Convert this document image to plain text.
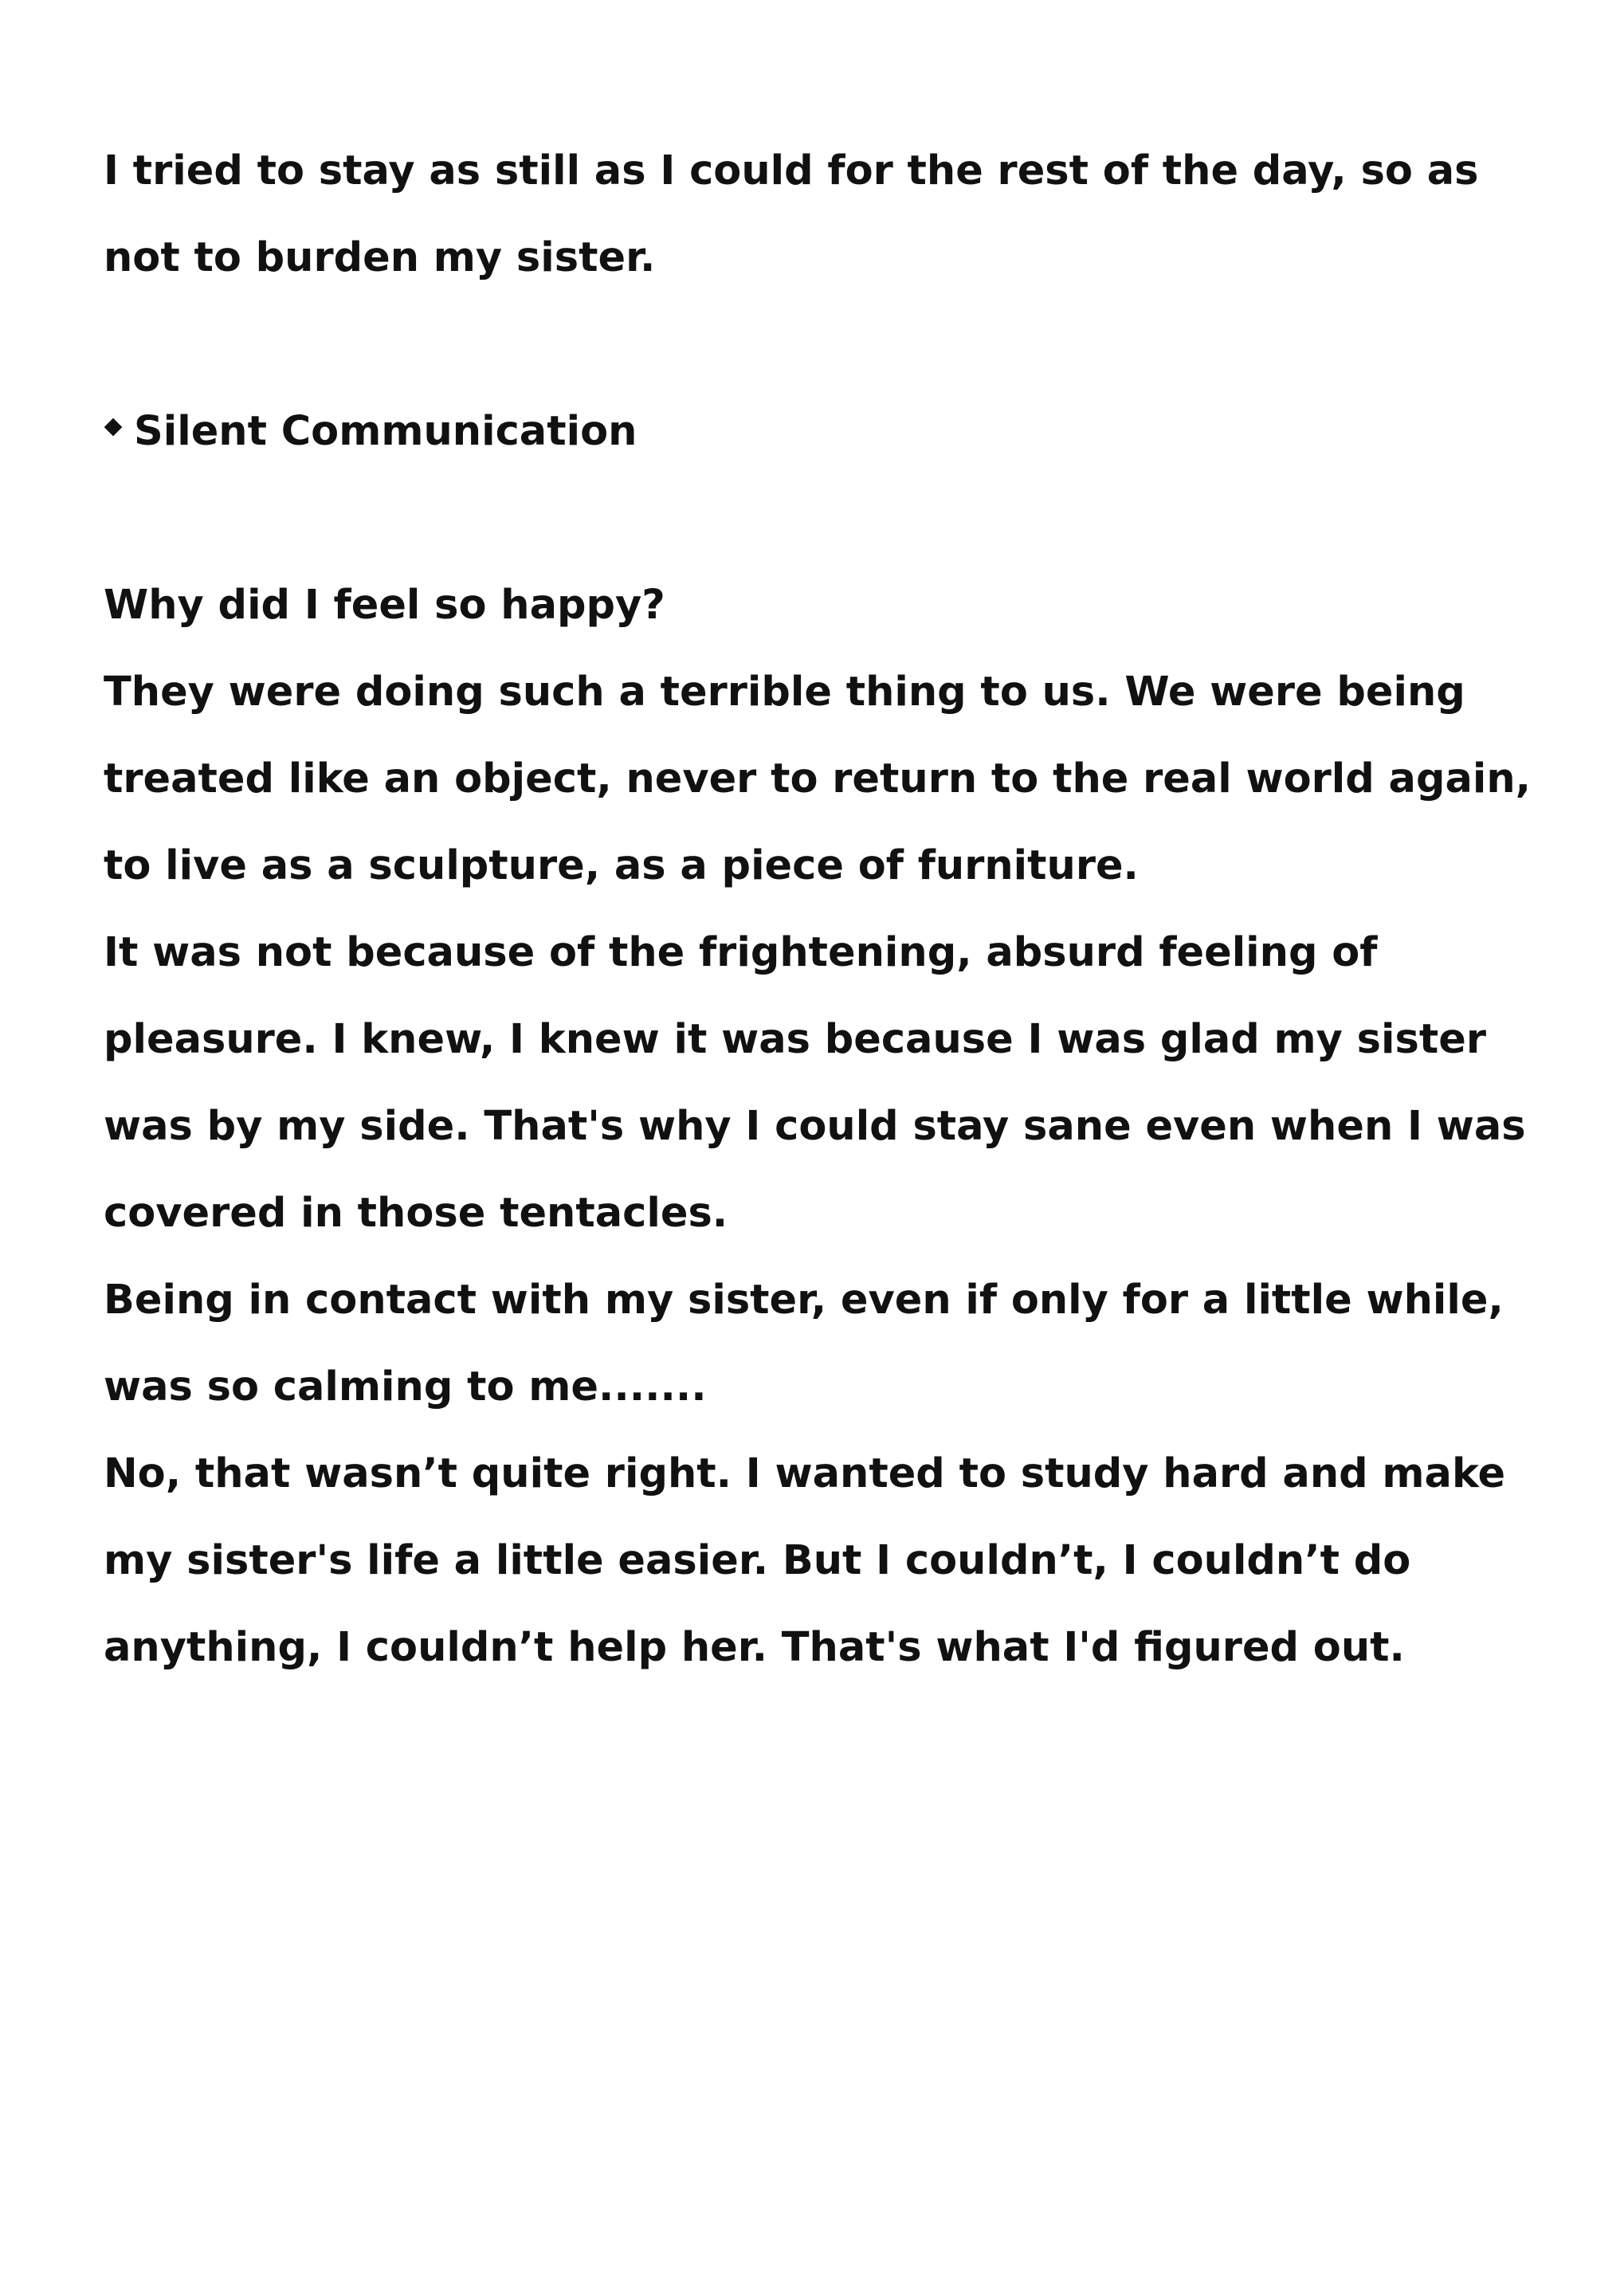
I tried to stay as still as I could for the rest of the day, so as not to burden my sister.

Silent Communication

Why did I feel so happy?

They were doing such a terrible thing to us. We were being treated like an object, never to return to the real world again, to live as a sculpture, as a piece of furniture.

It was not because of the frightening, absurd feeling of pleasure. I knew, I knew it was because I was glad my sister was by my side. That's why I could stay sane even when I was covered in those tentacles.

Being in contact with my sister, even if only for a little while, was so calming to me.......

No, that wasn’t quite right. I wanted to study hard and make my sister's life a little easier. But I couldn’t, I couldn’t do anything, I couldn’t help her. That's what I'd figured out.
